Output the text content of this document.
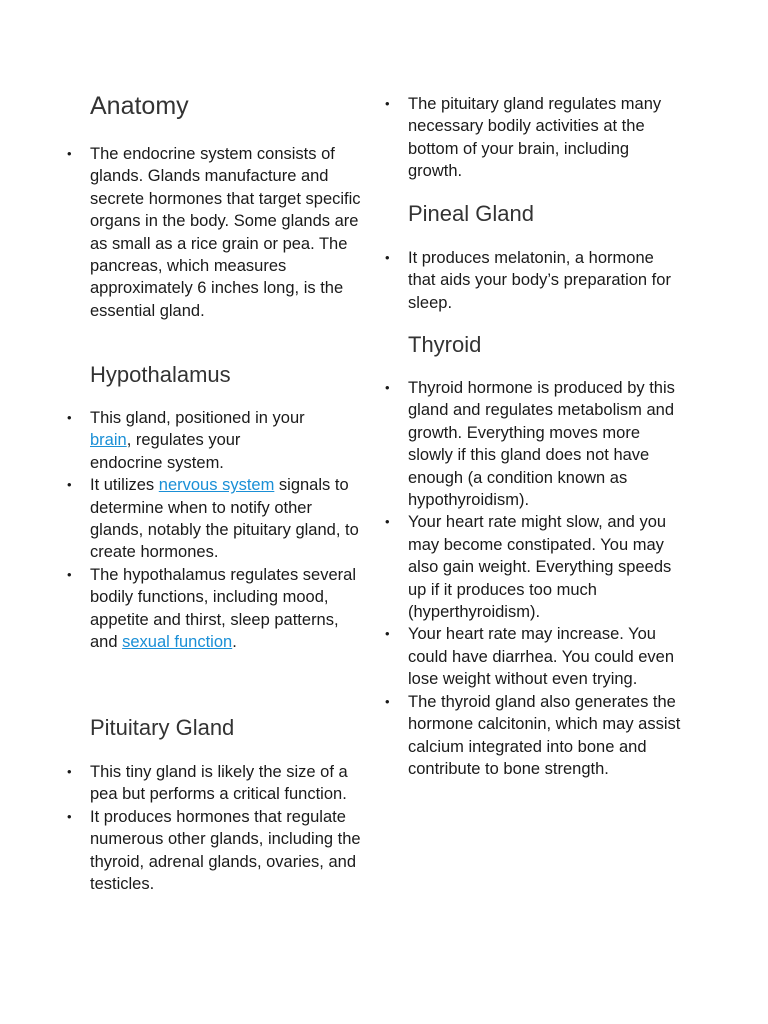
Anatomy
• The endocrine system consists of glands. Glands manufacture and secrete hormones that target specific organs in the body. Some glands are as small as a rice grain or pea. The pancreas, which measures approximately 6 inches long, is the essential gland.
Hypothalamus
• This gland, positioned in your brain, regulates your endocrine system.
• It utilizes nervous system signals to determine when to notify other glands, notably the pituitary gland, to create hormones.
• The hypothalamus regulates several bodily functions, including mood, appetite and thirst, sleep patterns, and sexual function.
Pituitary Gland
• This tiny gland is likely the size of a pea but performs a critical function.
• It produces hormones that regulate numerous other glands, including the thyroid, adrenal glands, ovaries, and testicles.
• The pituitary gland regulates many necessary bodily activities at the bottom of your brain, including growth.
Pineal Gland
• It produces melatonin, a hormone that aids your body’s preparation for sleep.
Thyroid
• Thyroid hormone is produced by this gland and regulates metabolism and growth. Everything moves more slowly if this gland does not have enough (a condition known as hypothyroidism).
• Your heart rate might slow, and you may become constipated. You may also gain weight. Everything speeds up if it produces too much (hyperthyroidism).
• Your heart rate may increase. You could have diarrhea. You could even lose weight without even trying.
• The thyroid gland also generates the hormone calcitonin, which may assist calcium integrated into bone and contribute to bone strength.
